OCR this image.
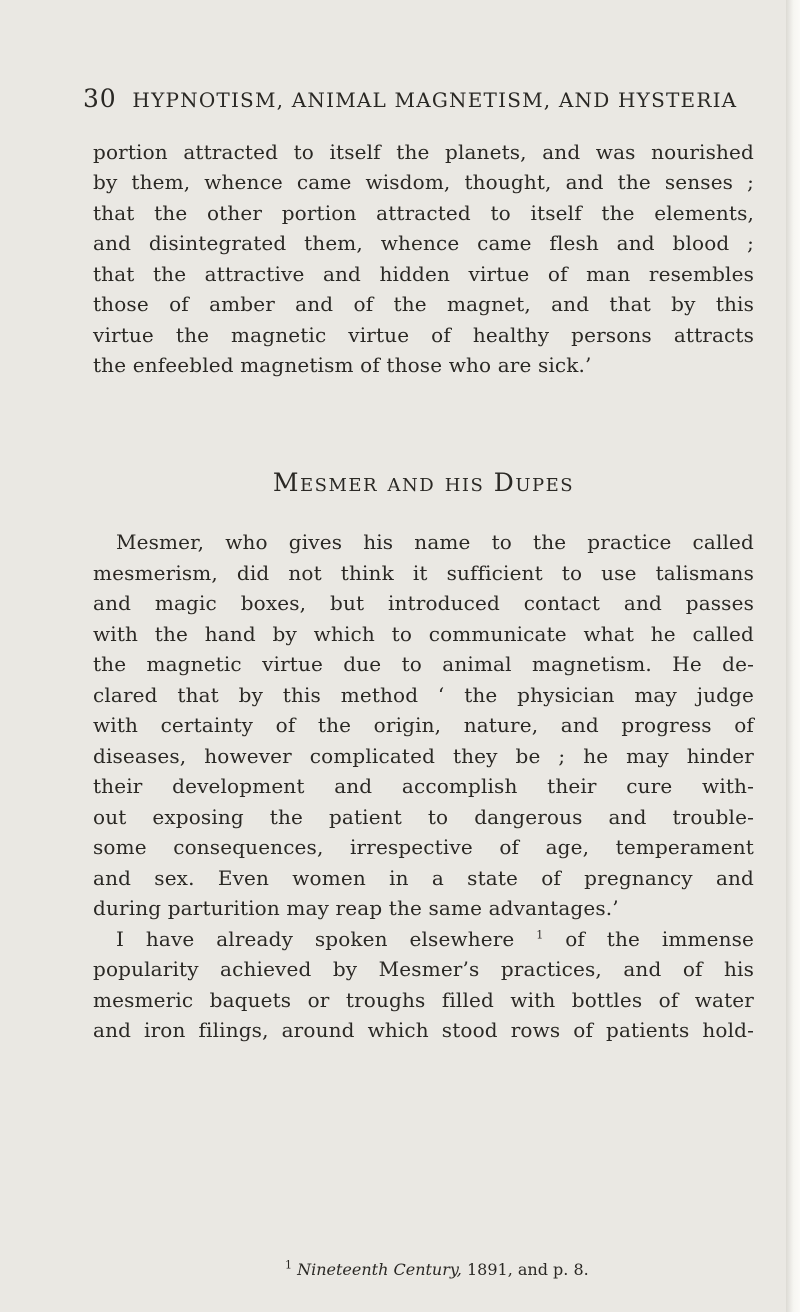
30 HYPNOTISM, ANIMAL MAGNETISM, AND HYSTERIA
portion attracted to itself the planets, and was nourished
by them, whence came wisdom, thought, and the senses ;
that the other portion attracted to itself the elements,
and disintegrated them, whence came flesh and blood ;
that the attractive and hidden virtue of man resembles
those of amber and of the magnet, and that by this
virtue the magnetic virtue of healthy persons attracts
the enfeebled magnetism of those who are sick.’
Mesmer and his Dupes
Mesmer, who gives his name to the practice called
mesmerism, did not think it sufficient to use talismans
and magic boxes, but introduced contact and passes
with the hand by which to communicate what he called
the magnetic virtue due to animal magnetism. He de-
clared that by this method ‘ the physician may judge
with certainty of the origin, nature, and progress of
diseases, however complicated they be ; he may hinder
their development and accomplish their cure with-
out exposing the patient to dangerous and trouble-
some consequences, irrespective of age, temperament
and sex. Even women in a state of pregnancy and
during parturition may reap the same advantages.’
I have already spoken elsewhere $^1$ of the immense
popularity achieved by Mesmer’s practices, and of his
mesmeric baquets or troughs filled with bottles of water
and iron filings, around which stood rows of patients hold-
$^1$ Nineteenth Century, 1891, and p. 8.
